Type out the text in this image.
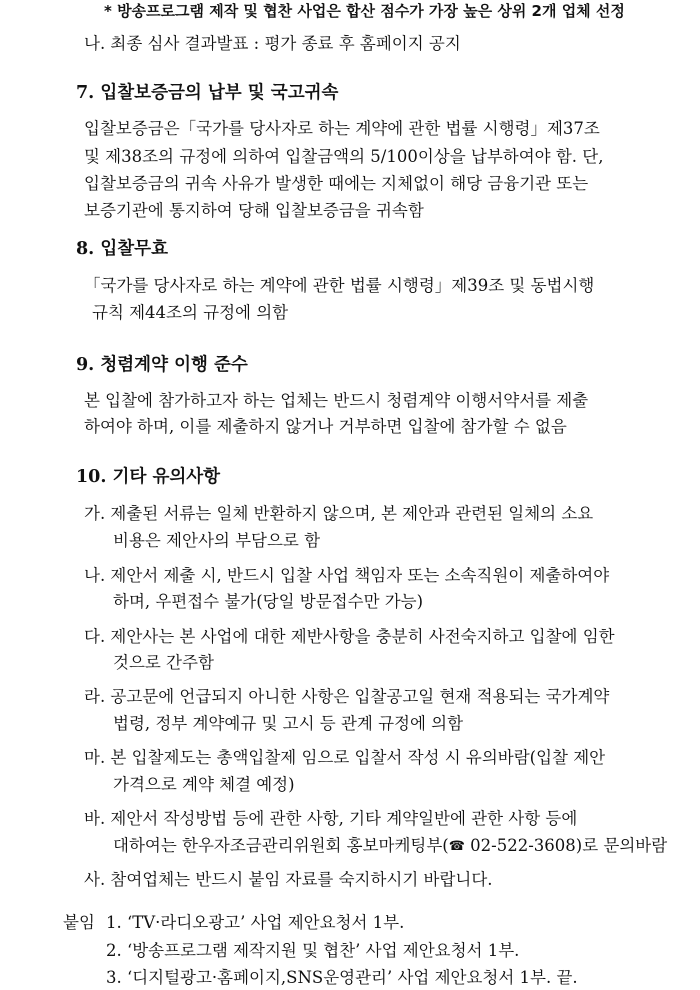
* 방송프로그램 제작 및 협찬 사업은 합산 점수가 가장 높은 상위 2개 업체 선정
나. 최종 심사 결과발표 : 평가 종료 후 홈페이지 공지
7. 입찰보증금의 납부 및 국고귀속
입찰보증금은「국가를 당사자로 하는 계약에 관한 법률 시행령」제37조
및 제38조의 규정에 의하여 입찰금액의 5/100이상을 납부하여야 함. 단,
입찰보증금의 귀속 사유가 발생한 때에는 지체없이 해당 금융기관 또는
보증기관에 통지하여 당해 입찰보증금을 귀속함
8. 입찰무효
「국가를 당사자로 하는 계약에 관한 법률 시행령」제39조 및 동법시행
규칙 제44조의 규정에 의함
9. 청렴계약 이행 준수
본 입찰에 참가하고자 하는 업체는 반드시 청렴계약 이행서약서를 제출
하여야 하며, 이를 제출하지 않거나 거부하면 입찰에 참가할 수 없음
10. 기타 유의사항
가. 제출된 서류는 일체 반환하지 않으며, 본 제안과 관련된 일체의 소요
비용은 제안사의 부담으로 함
나. 제안서 제출 시, 반드시 입찰 사업 책임자 또는 소속직원이 제출하여야
하며, 우편접수 불가(당일 방문접수만 가능)
다. 제안사는 본 사업에 대한 제반사항을 충분히 사전숙지하고 입찰에 임한
것으로 간주함
라. 공고문에 언급되지 아니한 사항은 입찰공고일 현재 적용되는 국가계약
법령, 정부 계약예규 및 고시 등 관계 규정에 의함
마. 본 입찰제도는 총액입찰제 임으로 입찰서 작성 시 유의바람(입찰 제안
가격으로 계약 체결 예정)
바. 제안서 작성방법 등에 관한 사항, 기타 계약일반에 관한 사항 등에
대하여는 한우자조금관리위원회 홍보마케팅부(☎ 02-522-3608)로 문의바람
사. 참여업체는 반드시 붙임 자료를 숙지하시기 바랍니다.
붙임 1. ‘TV·라디오광고’ 사업 제안요청서 1부.
2. ‘방송프로그램 제작지원 및 협찬’ 사업 제안요청서 1부.
3. ‘디지털광고·홈페이지,SNS운영관리’ 사업 제안요청서 1부. 끝.
